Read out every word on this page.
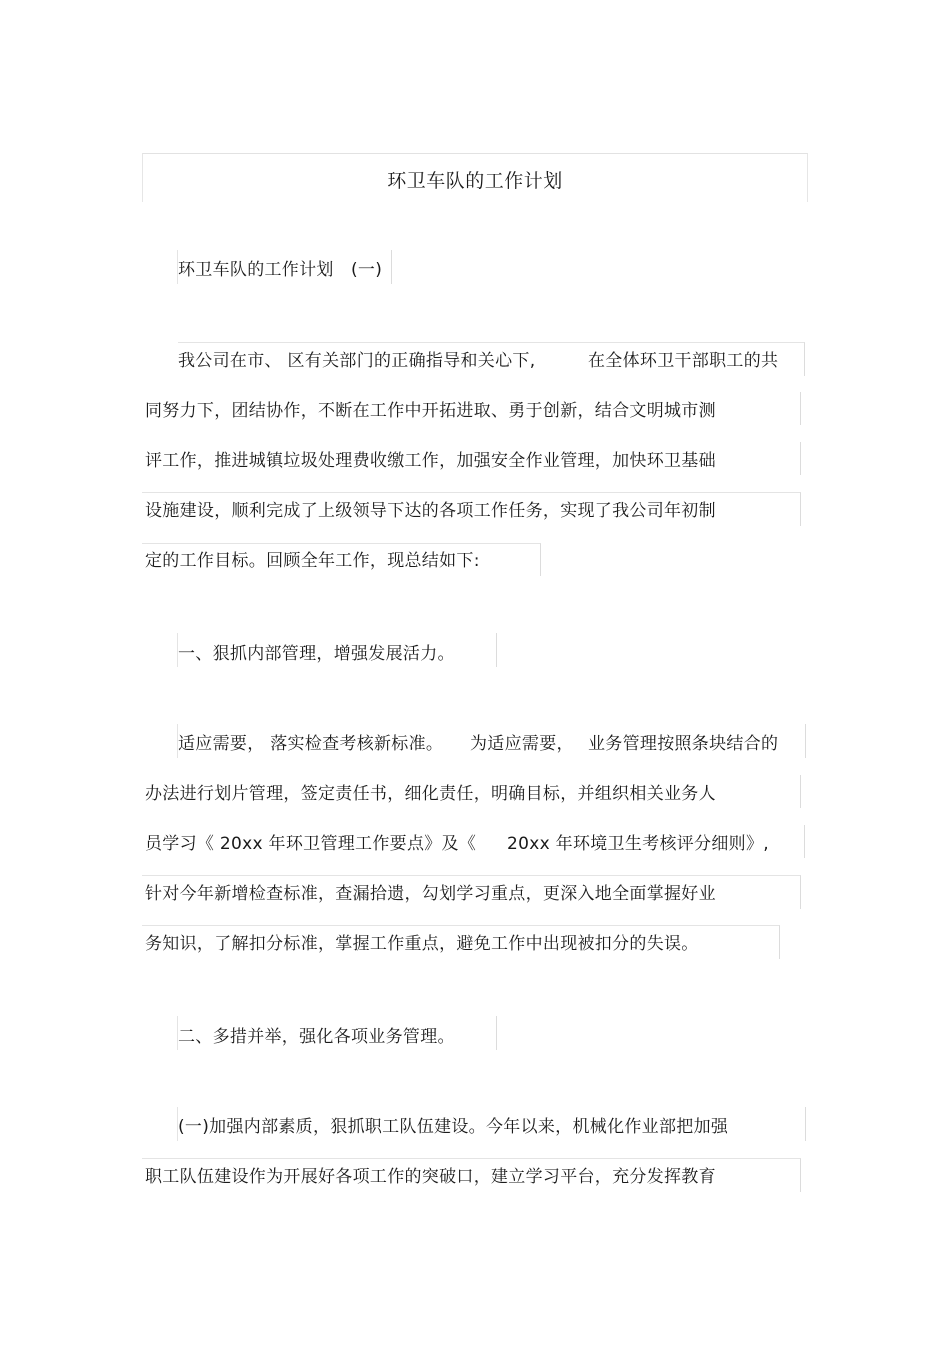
环卫车队的工作计划
环卫车队的工作计划　(一)
我公司在市、 区有关部门的正确指导和关心下,	在全体环卫干部职工的共
同努力下，团结协作，不断在工作中开拓进取、勇于创新，结合文明城市测
评工作，推进城镇垃圾处理费收缴工作，加强安全作业管理，加快环卫基础
设施建设，顺利完成了上级领导下达的各项工作任务，实现了我公司年初制
定的工作目标。回顾全年工作，现总结如下:
一、狠抓内部管理，增强发展活力。
适应需要， 落实检查考核新标准。 为适应需要， 业务管理按照条块结合的
办法进行划片管理，签定责任书，细化责任，明确目标，并组织相关业务人
员学习《 20xx 年环卫管理工作要点》及《 20xx 年环境卫生考核评分细则》,
针对今年新增检查标准，查漏拾遗，勾划学习重点，更深入地全面掌握好业
务知识，了解扣分标准，掌握工作重点，避免工作中出现被扣分的失误。
二、多措并举，强化各项业务管理。
(一)加强内部素质，狠抓职工队伍建设。今年以来，机械化作业部把加强
职工队伍建设作为开展好各项工作的突破口，建立学习平台，充分发挥教育
